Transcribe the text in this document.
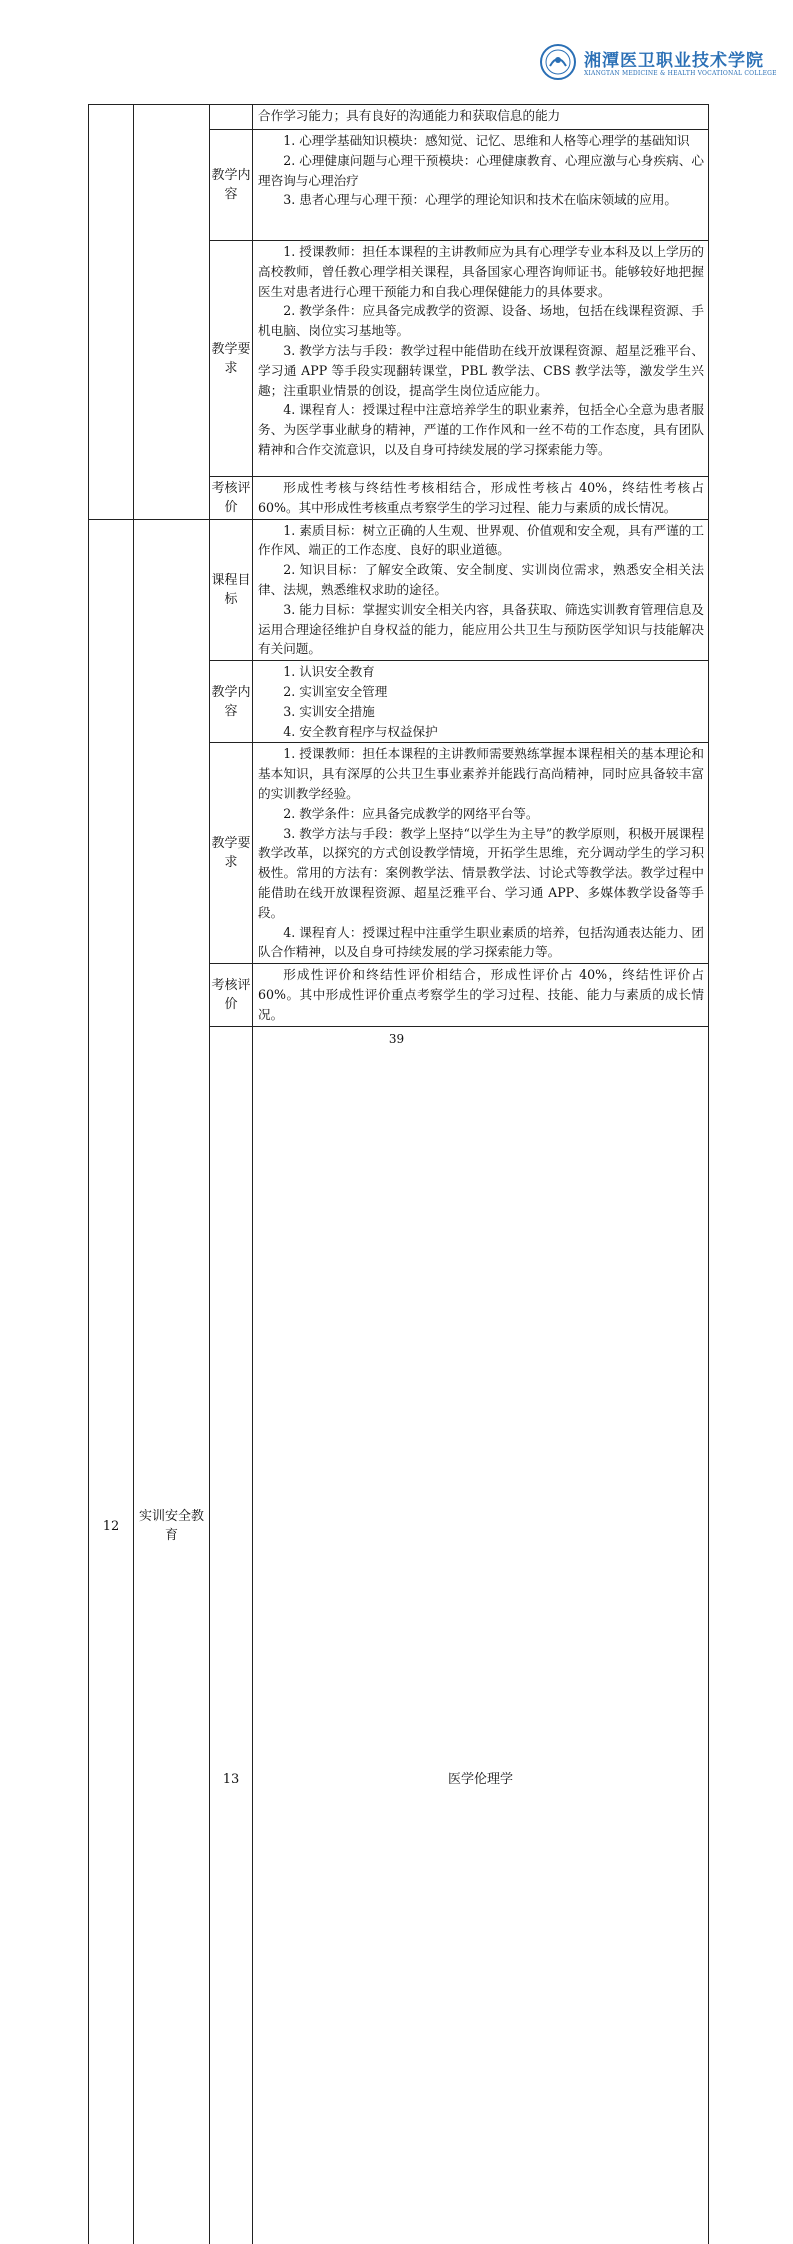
湘潭医卫职业技术学院
XIANGTAN MEDICINE & HEALTH VOCATIONAL COLLEGE

			合作学习能力；具有良好的沟通能力和获取信息的能力	

		教学内容	1. 心理学基础知识模块：感知觉、记忆、思维和人格等心理学的基础知识

2. 心理健康问题与心理干预模块：心理健康教育、心理应激与心身疾病、心理咨询与心理治疗

3. 患者心理与心理干预：心理学的理论知识和技术在临床领域的应用。	

		教学要求	1. 授课教师：担任本课程的主讲教师应为具有心理学专业本科及以上学历的高校教师，曾任教心理学相关课程，具备国家心理咨询师证书。能够较好地把握医生对患者进行心理干预能力和自我心理保健能力的具体要求。

2. 教学条件：应具备完成教学的资源、设备、场地，包括在线课程资源、手机电脑、岗位实习基地等。

3. 教学方法与手段：教学过程中能借助在线开放课程资源、超星泛雅平台、学习通 APP 等手段实现翻转课堂，PBL 教学法、CBS 教学法等，激发学生兴趣；注重职业情景的创设，提高学生岗位适应能力。

4. 课程育人：授课过程中注意培养学生的职业素养，包括全心全意为患者服务、为医学事业献身的精神，严谨的工作作风和一丝不苟的工作态度，具有团队精神和合作交流意识，以及自身可持续发展的学习探索能力等。	

		考核评价	形成性考核与终结性考核相结合，形成性考核占 40%，终结性考核占 60%。其中形成性考核重点考察学生的学习过程、能力与素质的成长情况。	

12	实训安全教育	课程目标	1. 素质目标：树立正确的人生观、世界观、价值观和安全观，具有严谨的工作作风、端正的工作态度、良好的职业道德。

2. 知识目标：了解安全政策、安全制度、实训岗位需求，熟悉安全相关法律、法规，熟悉维权求助的途径。

3. 能力目标：掌握实训安全相关内容，具备获取、筛选实训教育管理信息及运用合理途径维护自身权益的能力，能应用公共卫生与预防医学知识与技能解决有关问题。	

		教学内容	1. 认识安全教育

2. 实训室安全管理

3. 实训安全措施

4. 安全教育程序与权益保护	

		教学要求	1. 授课教师：担任本课程的主讲教师需要熟练掌握本课程相关的基本理论和基本知识，具有深厚的公共卫生事业素养并能践行高尚精神，同时应具备较丰富的实训教学经验。

2. 教学条件：应具备完成教学的网络平台等。

3. 教学方法与手段：教学上坚持“以学生为主导”的教学原则，积极开展课程教学改革，以探究的方式创设教学情境，开拓学生思维，充分调动学生的学习积极性。常用的方法有：案例教学法、情景教学法、讨论式等教学法。教学过程中能借助在线开放课程资源、超星泛雅平台、学习通 APP、多媒体教学设备等手段。

4. 课程育人：授课过程中注重学生职业素质的培养，包括沟通表达能力、团队合作精神，以及自身可持续发展的学习探索能力等。	

		考核评价	形成性评价和终结性评价相结合，形成性评价占 40%，终结性评价占 60%。其中形成性评价重点考察学生的学习过程、技能、能力与素质的成长情况。	

		13	医学伦理学		

39
